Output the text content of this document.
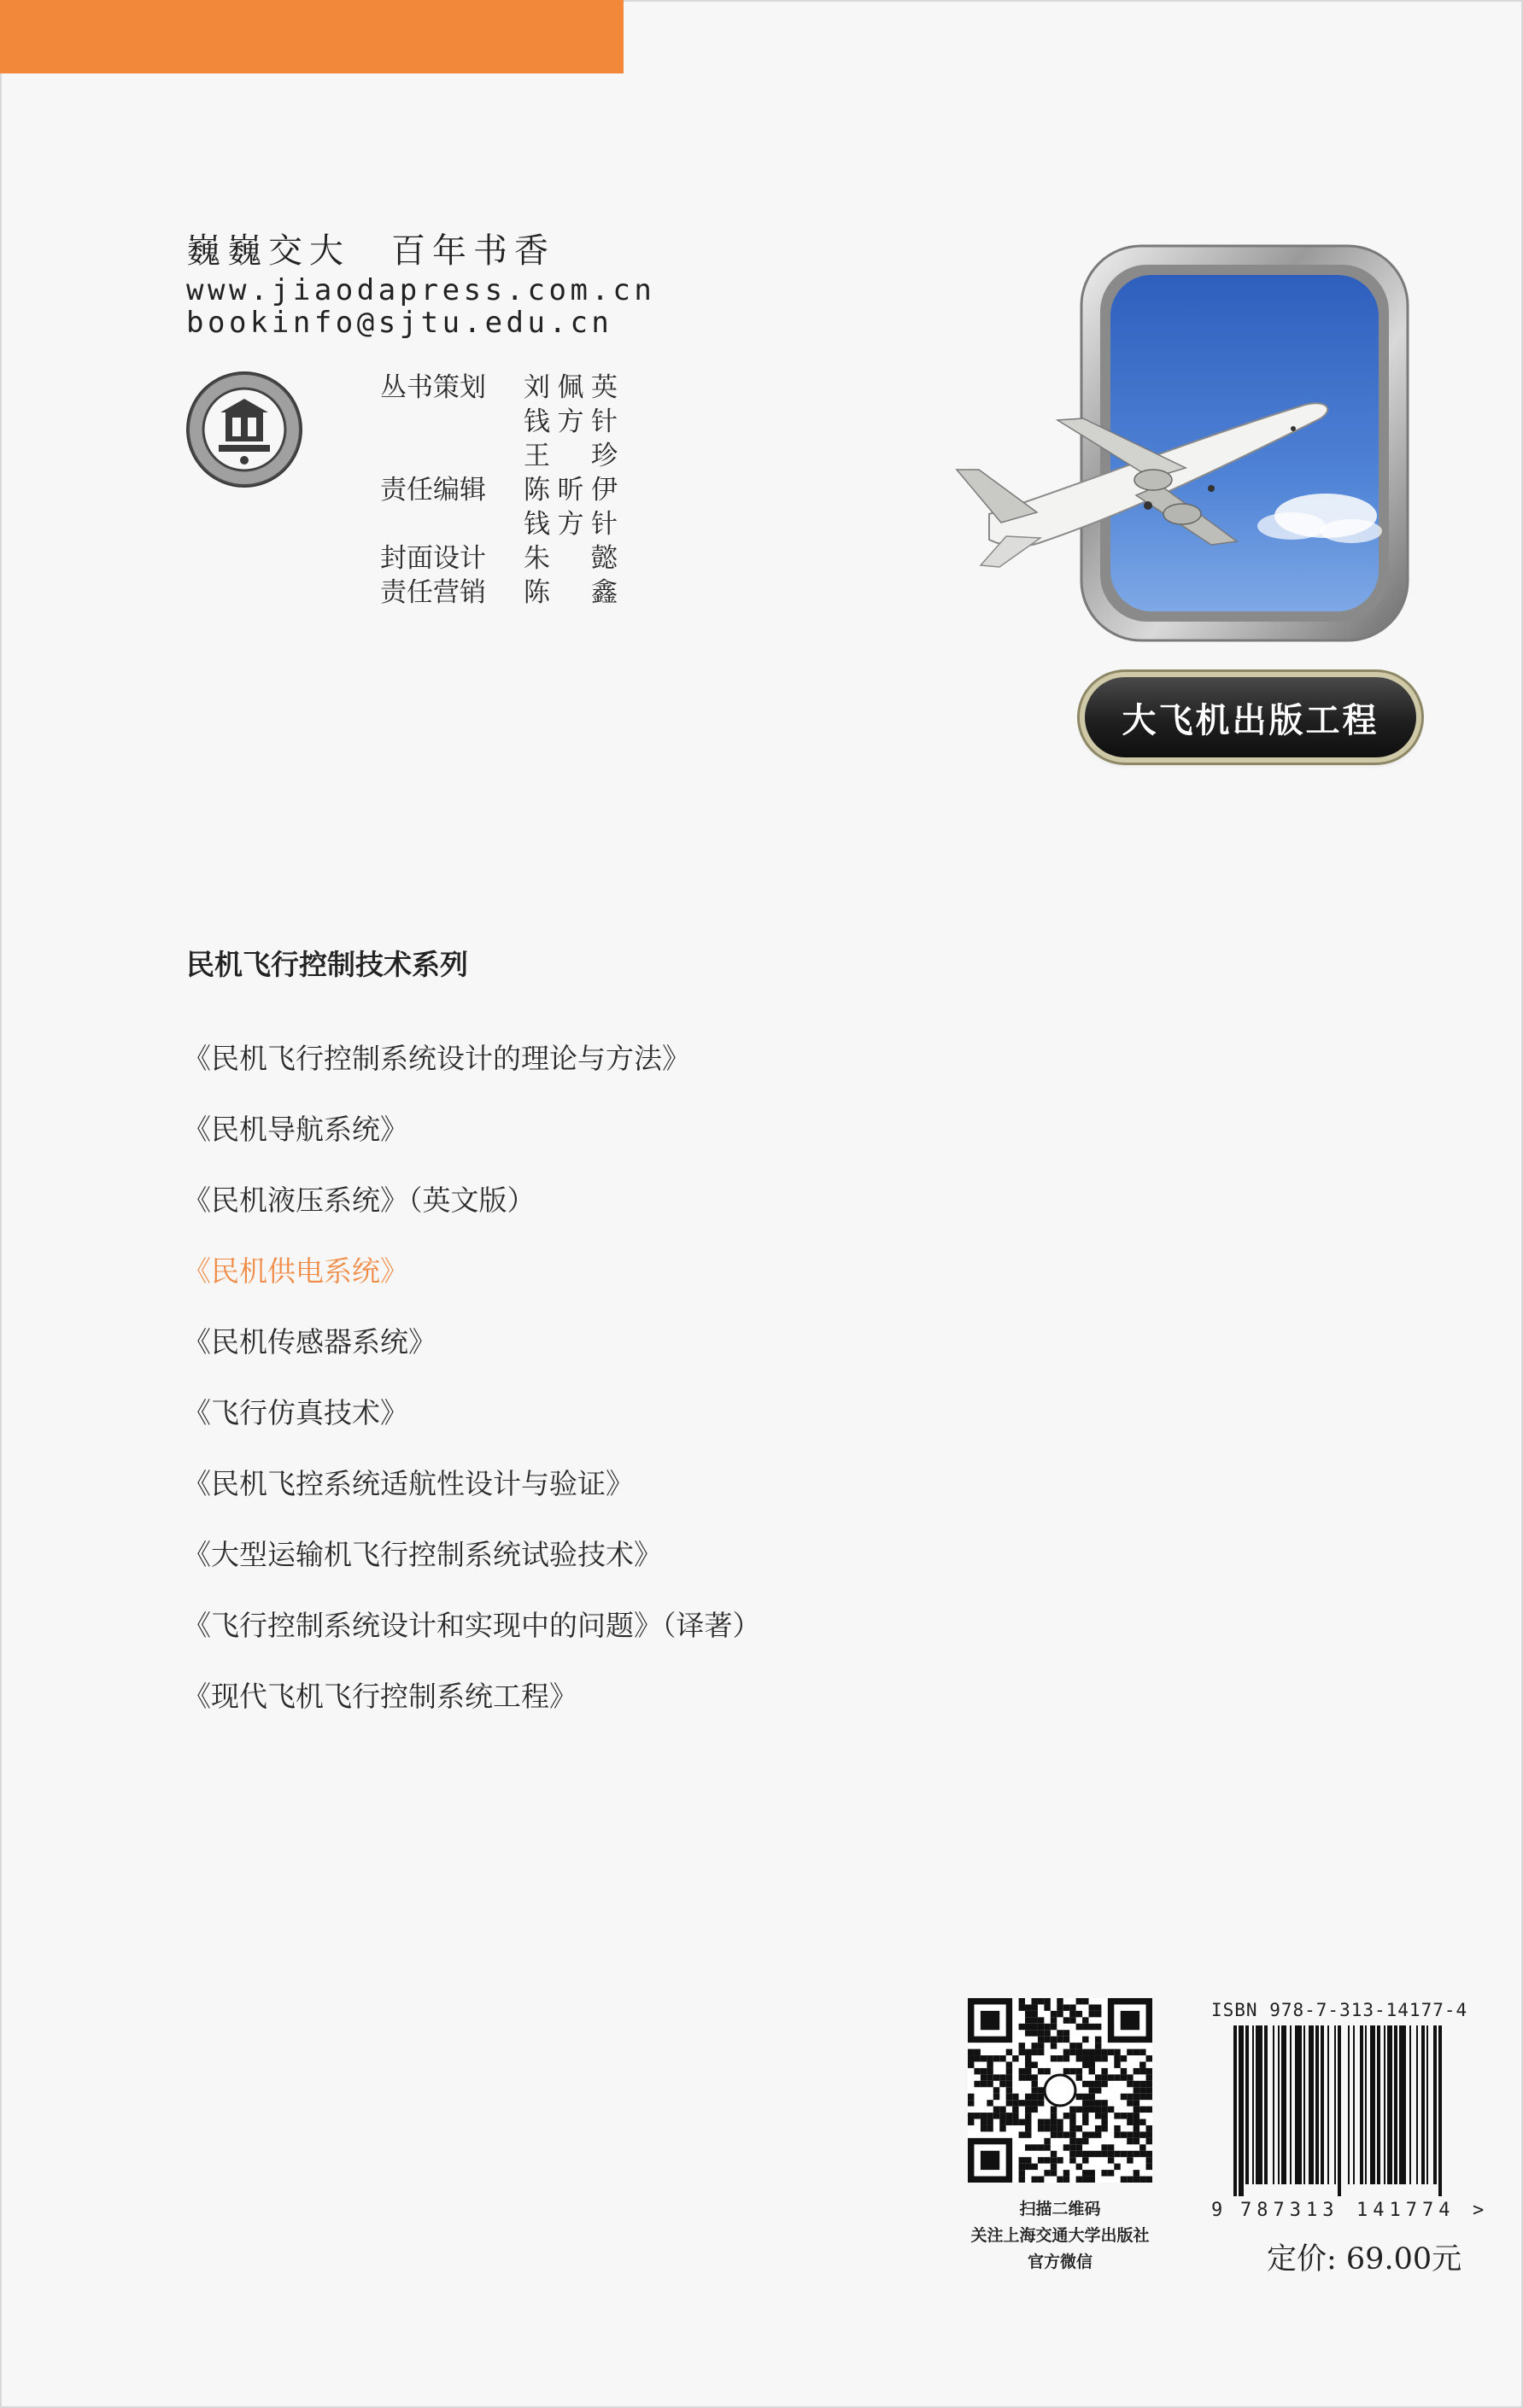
巍巍交大　百年书香
www.jiaodapress.com.cn
bookinfo@sjtu.edu.cn
丛书策划	刘佩英
钱方针
王　珍
责任编辑	陈昕伊
钱方针
封面设计	朱　懿
责任营销	陈　鑫
大飞机出版工程
民机飞行控制技术系列
《民机飞行控制系统设计的理论与方法》
《民机导航系统》
《民机液压系统》（英文版）
《民机供电系统》
《民机传感器系统》
《飞行仿真技术》
《民机飞控系统适航性设计与验证》
《大型运输机飞行控制系统试验技术》
《飞行控制系统设计和实现中的问题》（译著）
《现代飞机飞行控制系统工程》
扫描二维码
关注上海交通大学出版社
官方微信
ISBN 978-7-313-14177-4
9 787313 141774 >
定价: 69.00元
